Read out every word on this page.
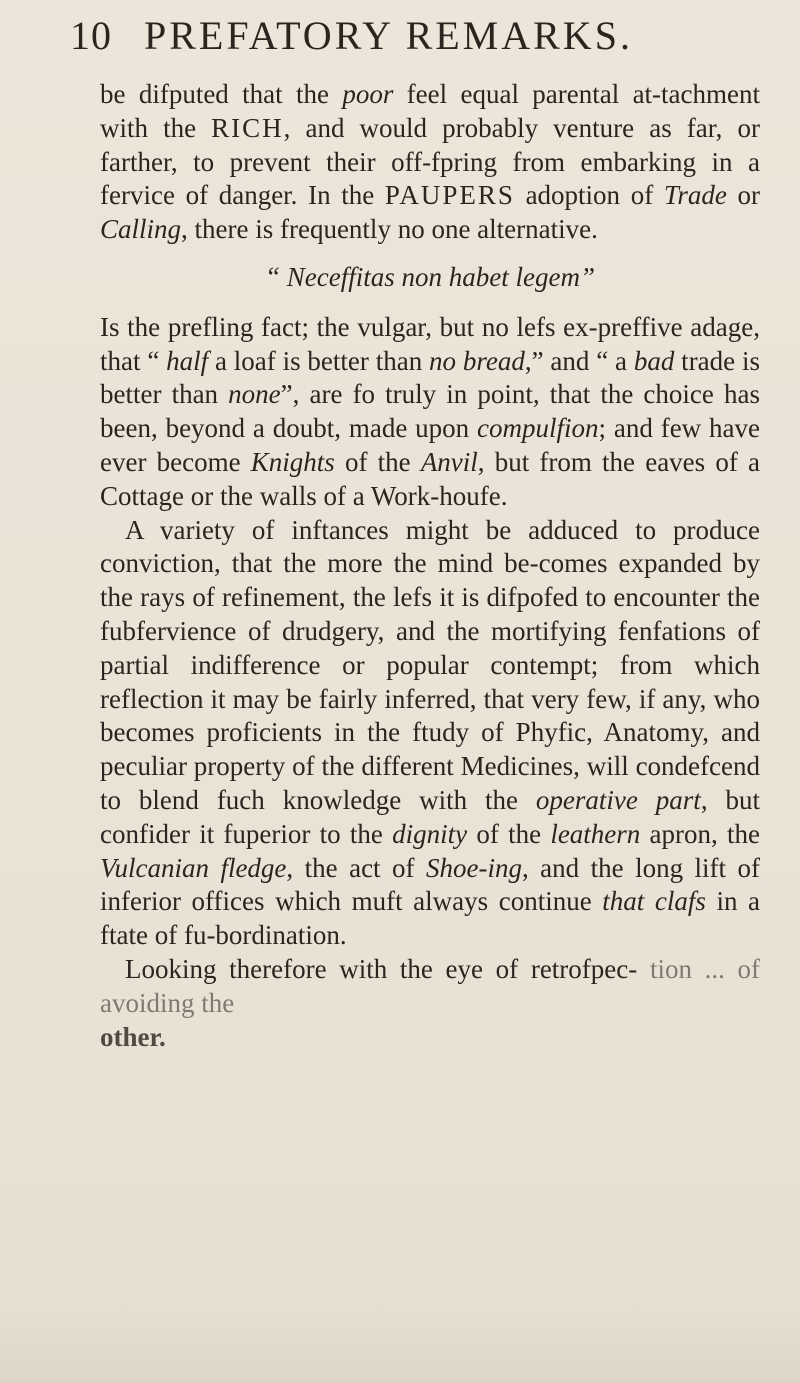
10 PREFATORY REMARKS.

be difputed that the poor feel equal parental at-tachment with the RICH, and would probably venture as far, or farther, to prevent their off-fpring from embarking in a fervice of danger. In the PAUPERS adoption of Trade or Calling, there is frequently no one alternative.

“ Neceffitas non habet legem”

Is the prefling fact; the vulgar, but no lefs ex-preffive adage, that “ half a loaf is better than no bread,” and “ a bad trade is better than none”, are fo truly in point, that the choice has been, beyond a doubt, made upon compulfion; and few have ever become Knights of the Anvil, but from the eaves of a Cottage or the walls of a Work-houfe.

A variety of inftances might be adduced to produce conviction, that the more the mind be-comes expanded by the rays of refinement, the lefs it is difpofed to encounter the fubfervience of drudgery, and the mortifying fenfations of partial indifference or popular contempt; from which reflection it may be fairly inferred, that very few, if any, who becomes proficients in the ftudy of Phyfic, Anatomy, and peculiar property of the different Medicines, will condefcend to blend fuch knowledge with the operative part, but confider it fuperior to the dignity of the leathern apron, the Vulcanian fledge, the act of Shoe-ing, and the long lift of inferior offices which muft always continue that clafs in a ftate of fu-bordination.

Looking therefore with the eye of retrofpec- tion ... of avoiding the

other.
